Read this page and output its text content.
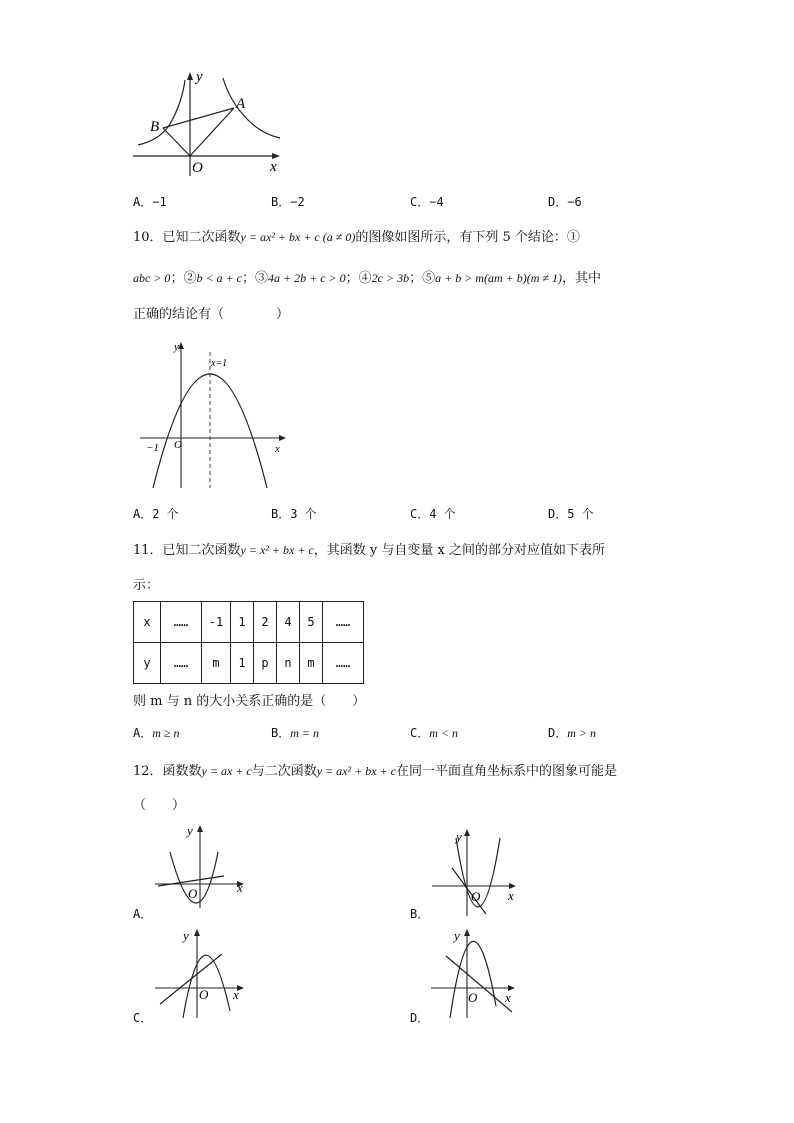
y
x
O
A
B
A．−1	B．−2	C．−4	D．−6
10．已知二次函数y = ax² + bx + c (a ≠ 0)的图像如图所示，有下列 5 个结论：①
abc > 0；②b < a + c；③4a + 2b + c > 0；④2c > 3b；⑤a + b > m(am + b)(m ≠ 1)，其中
正确的结论有（　　　　）
y
x
O
−1
x=1
A．2 个	B．3 个	C．4 个	D．5 个
11．已知二次函数y = x² + bx + c，其函数 y 与自变量 x 之间的部分对应值如下表所
示：
x	……	-1	1	2	4	5	……
y	……	m	1	p	n	m	……
则 m 与 n 的大小关系正确的是（　　）
A．m ≥ n	B．m = n	C．m < n	D．m > n
12．函数数y = ax + c与二次函数y = ax² + bx + c在同一平面直角坐标系中的图象可能是
（　　）
y
x
O
A．
y
x
O
B．
y
x
O
C．
y
x
O
D．
